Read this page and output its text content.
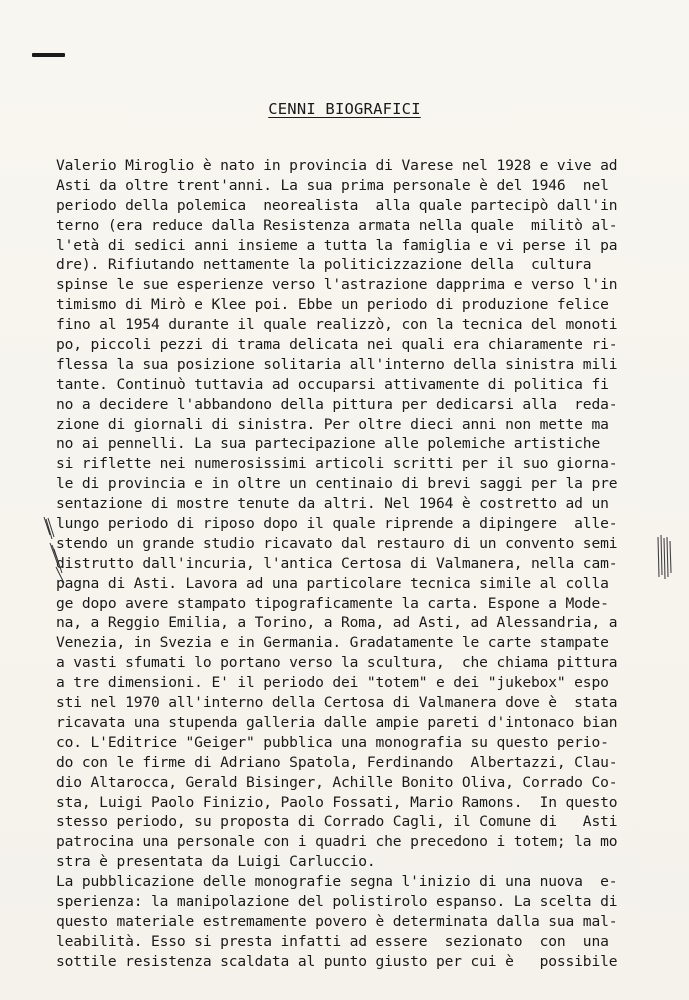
CENNI BIOGRAFICI
Valerio Miroglio è nato in provincia di Varese nel 1928 e vive ad
Asti da oltre trent'anni. La sua prima personale è del 1946  nel
periodo della polemica  neorealista  alla quale partecipò dall'in
terno (era reduce dalla Resistenza armata nella quale  militò al-
l'età di sedici anni insieme a tutta la famiglia e vi perse il pa
dre). Rifiutando nettamente la politicizzazione della  cultura
spinse le sue esperienze verso l'astrazione dapprima e verso l'in
timismo di Mirò e Klee poi. Ebbe un periodo di produzione felice
fino al 1954 durante il quale realizzò, con la tecnica del monoti
po, piccoli pezzi di trama delicata nei quali era chiaramente ri-
flessa la sua posizione solitaria all'interno della sinistra mili
tante. Continuò tuttavia ad occuparsi attivamente di politica fi
no a decidere l'abbandono della pittura per dedicarsi alla  reda-
zione di giornali di sinistra. Per oltre dieci anni non mette ma
no ai pennelli. La sua partecipazione alle polemiche artistiche
si riflette nei numerosissimi articoli scritti per il suo giorna-
le di provincia e in oltre un centinaio di brevi saggi per la pre
sentazione di mostre tenute da altri. Nel 1964 è costretto ad un
lungo periodo di riposo dopo il quale riprende a dipingere  alle-
stendo un grande studio ricavato dal restauro di un convento semi
distrutto dall'incuria, l'antica Certosa di Valmanera, nella cam-
pagna di Asti. Lavora ad una particolare tecnica simile al colla
ge dopo avere stampato tipograficamente la carta. Espone a Mode-
na, a Reggio Emilia, a Torino, a Roma, ad Asti, ad Alessandria, a
Venezia, in Svezia e in Germania. Gradatamente le carte stampate
a vasti sfumati lo portano verso la scultura,  che chiama pittura
a tre dimensioni. E' il periodo dei "totem" e dei "jukebox" espo
sti nel 1970 all'interno della Certosa di Valmanera dove è  stata
ricavata una stupenda galleria dalle ampie pareti d'intonaco bian
co. L'Editrice "Geiger" pubblica una monografia su questo perio-
do con le firme di Adriano Spatola, Ferdinando  Albertazzi, Clau-
dio Altarocca, Gerald Bisinger, Achille Bonito Oliva, Corrado Co-
sta, Luigi Paolo Finizio, Paolo Fossati, Mario Ramons.  In questo
stesso periodo, su proposta di Corrado Cagli, il Comune di   Asti
patrocina una personale con i quadri che precedono i totem; la mo
stra è presentata da Luigi Carluccio.
La pubblicazione delle monografie segna l'inizio di una nuova  e-
sperienza: la manipolazione del polistirolo espanso. La scelta di
questo materiale estremamente povero è determinata dalla sua mal-
leabilità. Esso si presta infatti ad essere  sezionato  con  una
sottile resistenza scaldata al punto giusto per cui è   possibile
